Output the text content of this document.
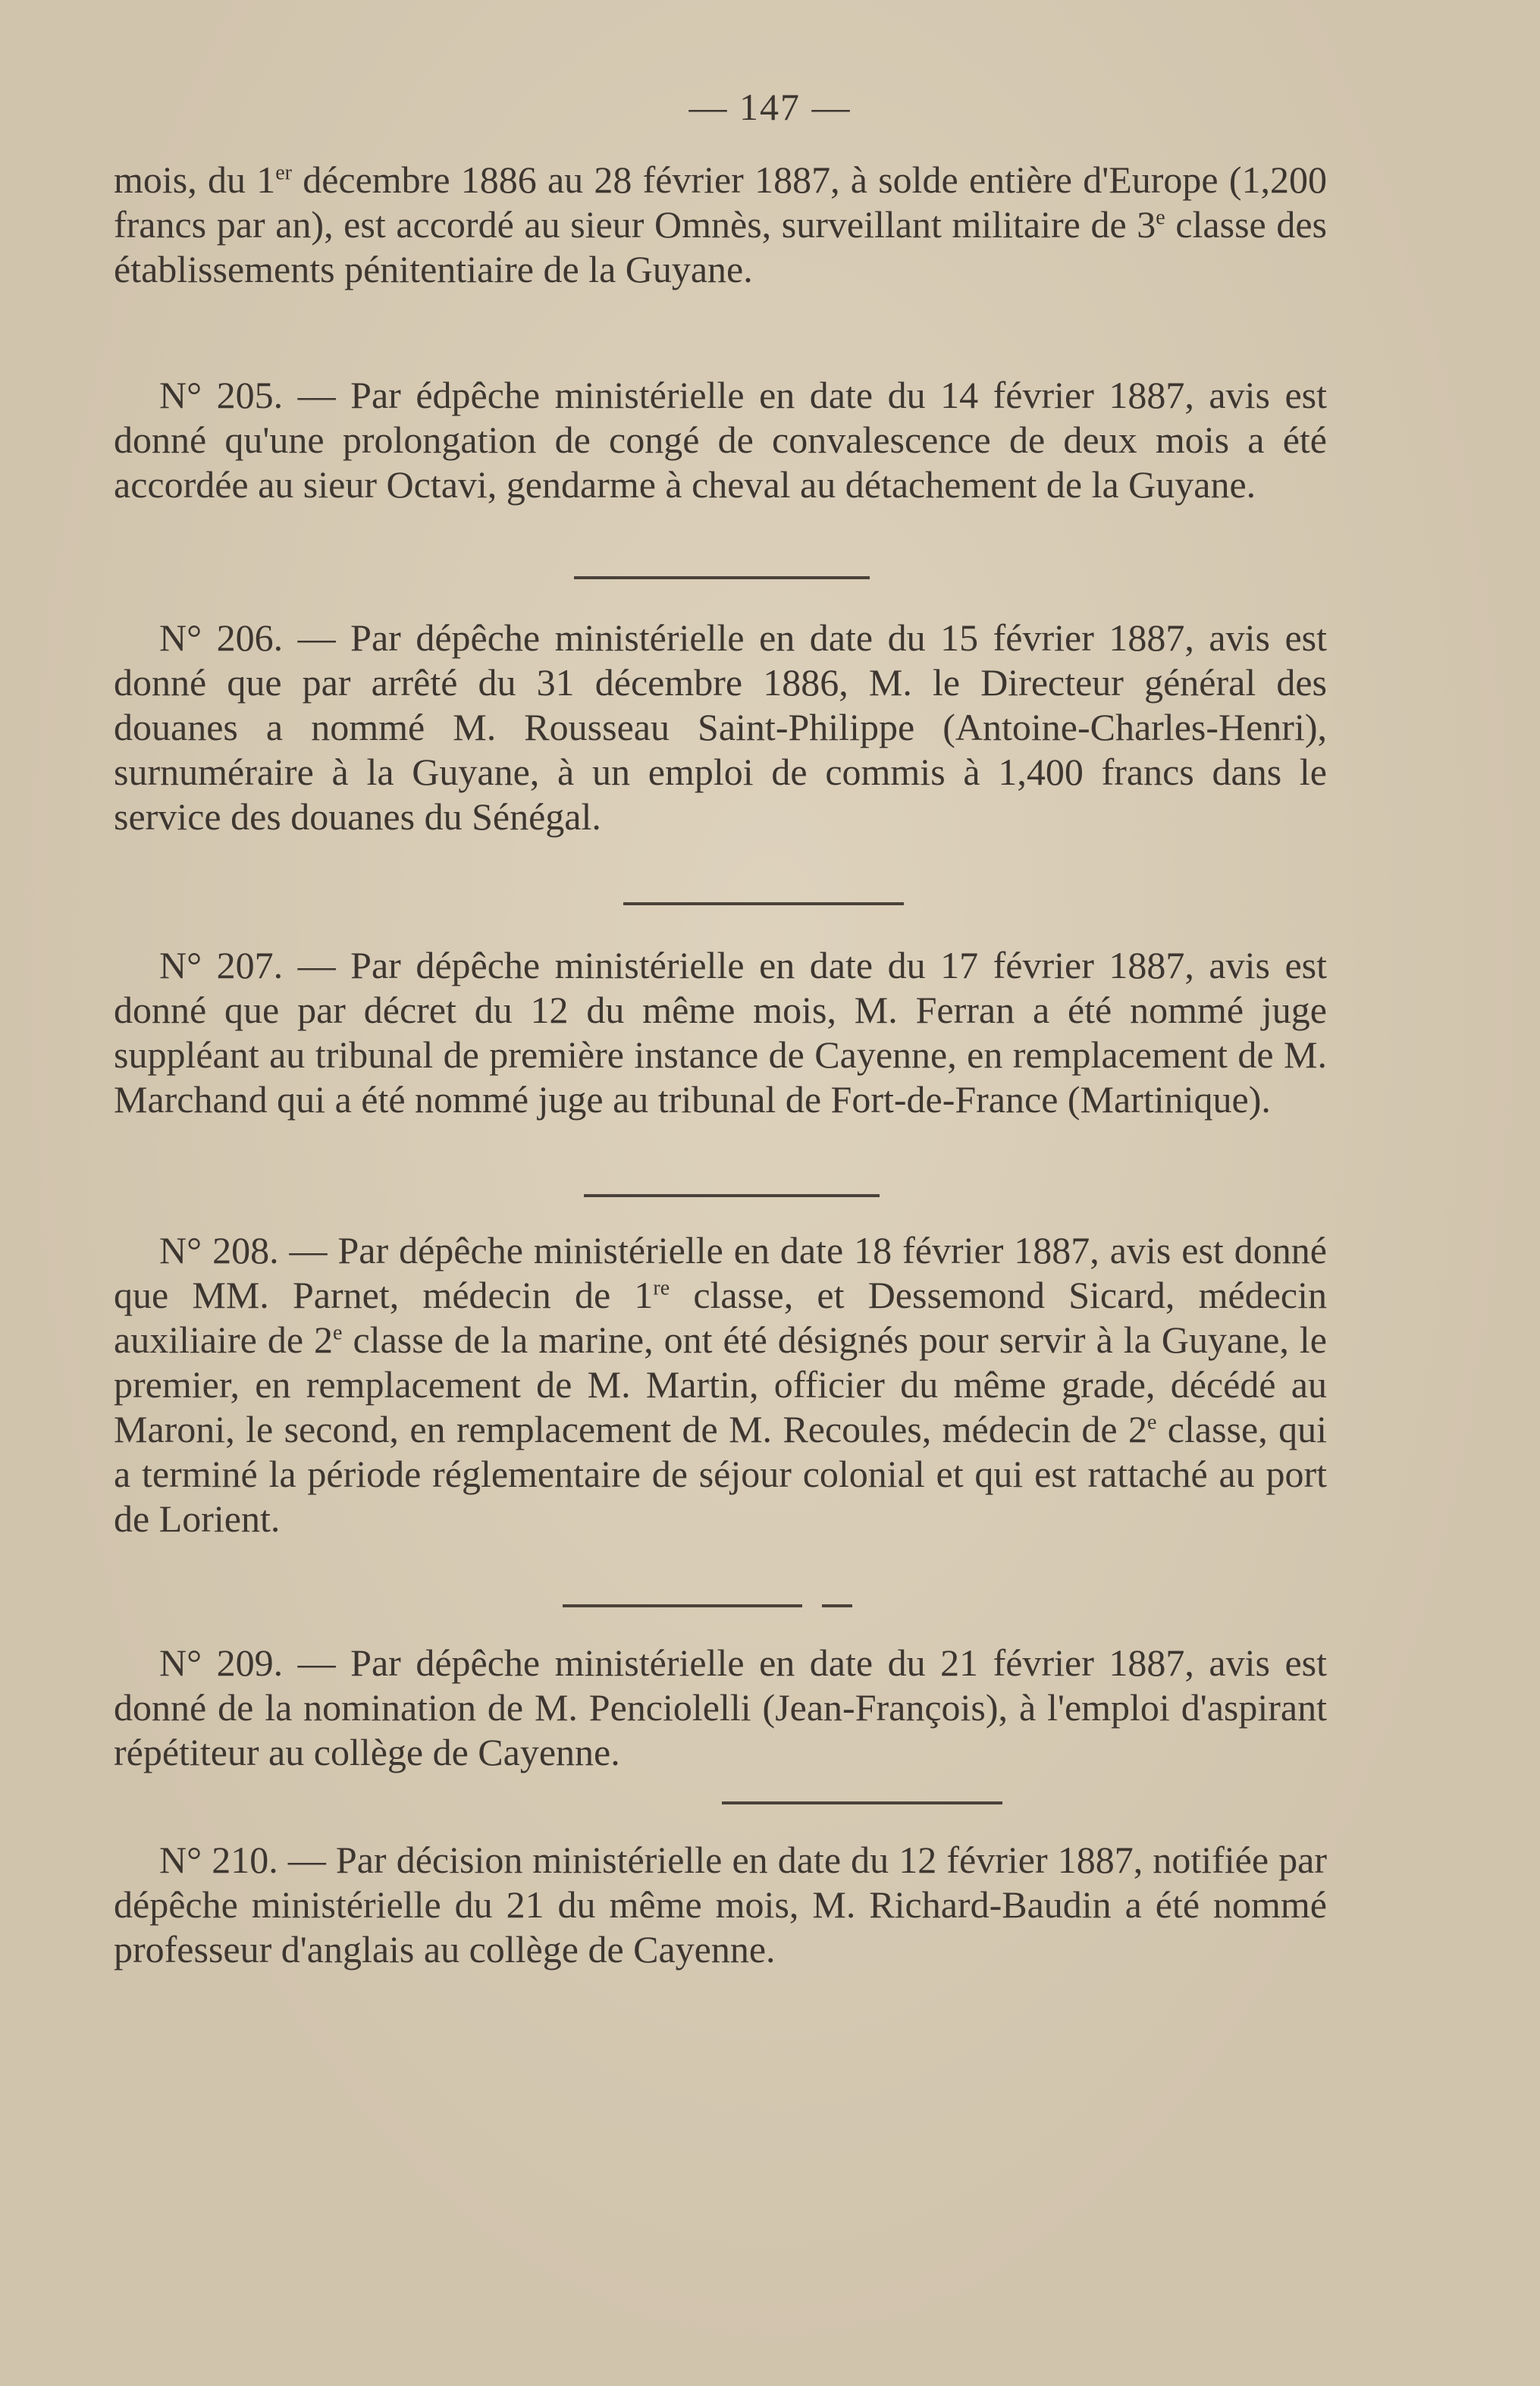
— 147 —

mois, du 1er décembre 1886 au 28 février 1887, à solde entière d'Europe (1,200 francs par an), est accordé au sieur Omnès, surveillant militaire de 3e classe des établissements pénitentiaire de la Guyane.

N° 205. — Par édpêche ministérielle en date du 14 février 1887, avis est donné qu'une prolongation de congé de convalescence de deux mois a été accordée au sieur Octavi, gendarme à cheval au détachement de la Guyane.

N° 206. — Par dépêche ministérielle en date du 15 février 1887, avis est donné que par arrêté du 31 décembre 1886, M. le Directeur général des douanes a nommé M. Rousseau Saint-Philippe (Antoine-Charles-Henri), surnuméraire à la Guyane, à un emploi de commis à 1,400 francs dans le service des douanes du Sénégal.

N° 207. — Par dépêche ministérielle en date du 17 février 1887, avis est donné que par décret du 12 du même mois, M. Ferran a été nommé juge suppléant au tribunal de première instance de Cayenne, en remplacement de M. Marchand qui a été nommé juge au tribunal de Fort-de-France (Martinique).

N° 208. — Par dépêche ministérielle en date 18 février 1887, avis est donné que MM. Parnet, médecin de 1re classe, et Dessemond Sicard, médecin auxiliaire de 2e classe de la marine, ont été désignés pour servir à la Guyane, le premier, en remplacement de M. Martin, officier du même grade, décédé au Maroni, le second, en remplacement de M. Recoules, médecin de 2e classe, qui a terminé la période réglementaire de séjour colonial et qui est rattaché au port de Lorient.

N° 209. — Par dépêche ministérielle en date du 21 février 1887, avis est donné de la nomination de M. Penciolelli (Jean-François), à l'emploi d'aspirant répétiteur au collège de Cayenne.

N° 210. — Par décision ministérielle en date du 12 février 1887, notifiée par dépêche ministérielle du 21 du même mois, M. Richard-Baudin a été nommé professeur d'anglais au collège de Cayenne.
